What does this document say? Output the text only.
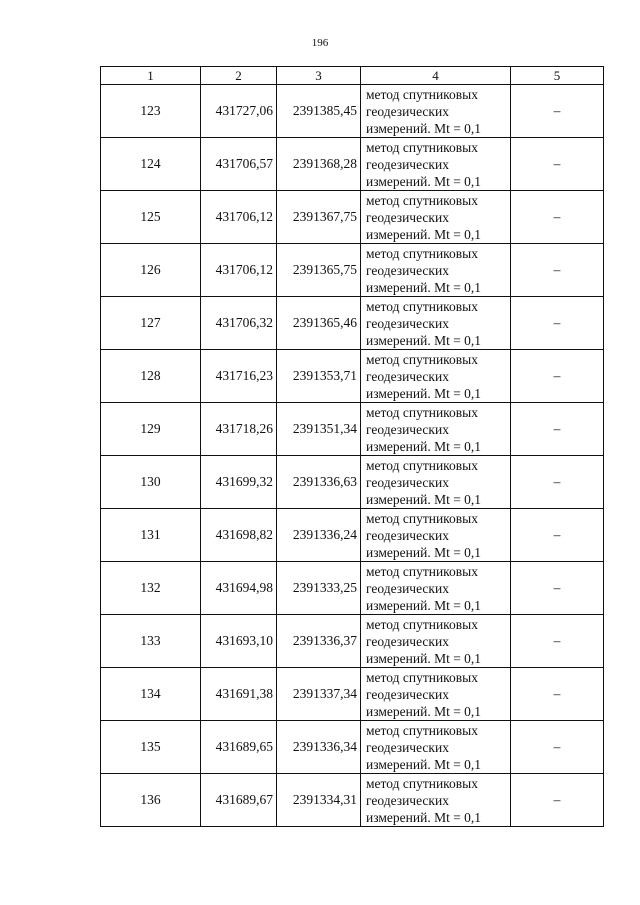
196
1	2	3	4	5
123	431727,06	2391385,45	метод спутниковых
геодезических
измерений. Mt = 0,1	–
124	431706,57	2391368,28	метод спутниковых
геодезических
измерений. Mt = 0,1	–
125	431706,12	2391367,75	метод спутниковых
геодезических
измерений. Mt = 0,1	–
126	431706,12	2391365,75	метод спутниковых
геодезических
измерений. Mt = 0,1	–
127	431706,32	2391365,46	метод спутниковых
геодезических
измерений. Mt = 0,1	–
128	431716,23	2391353,71	метод спутниковых
геодезических
измерений. Mt = 0,1	–
129	431718,26	2391351,34	метод спутниковых
геодезических
измерений. Mt = 0,1	–
130	431699,32	2391336,63	метод спутниковых
геодезических
измерений. Mt = 0,1	–
131	431698,82	2391336,24	метод спутниковых
геодезических
измерений. Mt = 0,1	–
132	431694,98	2391333,25	метод спутниковых
геодезических
измерений. Mt = 0,1	–
133	431693,10	2391336,37	метод спутниковых
геодезических
измерений. Mt = 0,1	–
134	431691,38	2391337,34	метод спутниковых
геодезических
измерений. Mt = 0,1	–
135	431689,65	2391336,34	метод спутниковых
геодезических
измерений. Mt = 0,1	–
136	431689,67	2391334,31	метод спутниковых
геодезических
измерений. Mt = 0,1	–
